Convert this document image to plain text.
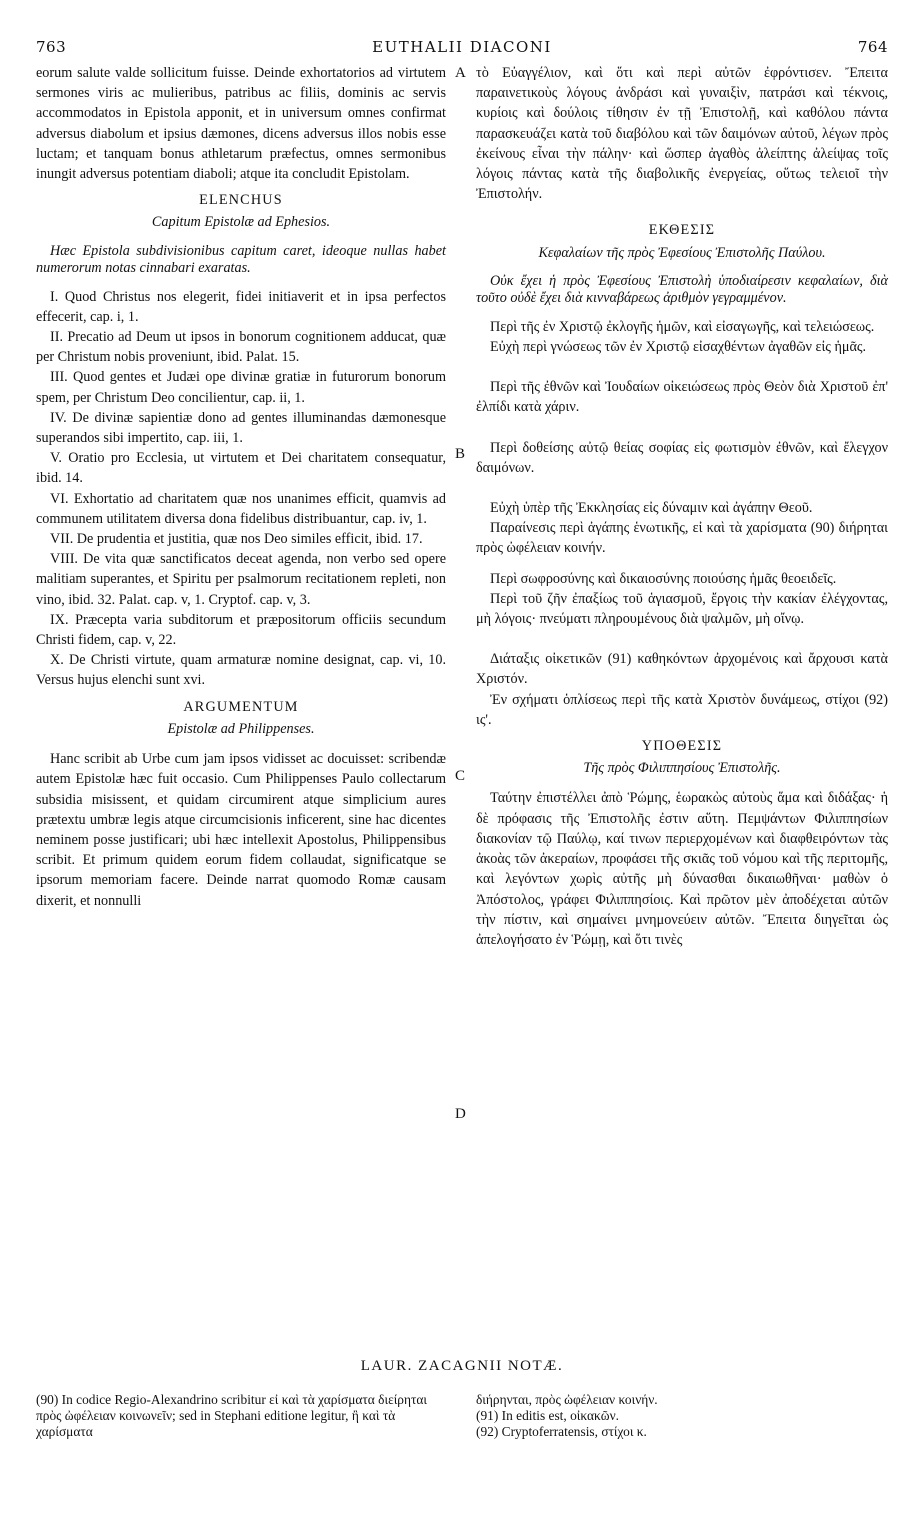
763	EUTHALII DIACONI	764
A
B
C
D

eorum salute valde sollicitum fuisse. Deinde exhortatorios ad virtutem sermones viris ac mulieribus, patribus ac filiis, dominis ac servis accommodatos in Epistola apponit, et in universum omnes confirmat adversus diabolum et ipsius dæmones, dicens adversus illos nobis esse luctam; et tanquam bonus athletarum præfectus, omnes sermonibus inungit adversus potentiam diaboli; atque ita concludit Epistolam.

ELENCHUS

Capitum Epistolæ ad Ephesios.

Hæc Epistola subdivisionibus capitum caret, ideoque nullas habet numerorum notas cinnabari exaratas.

I. Quod Christus nos elegerit, fidei initiaverit et in ipsa perfectos effecerit, cap. i, 1.

II. Precatio ad Deum ut ipsos in bonorum cognitionem adducat, quæ per Christum nobis proveniunt, ibid. Palat. 15.

III. Quod gentes et Judæi ope divinæ gratiæ in futurorum bonorum spem, per Christum Deo concilientur, cap. ii, 1.

IV. De divinæ sapientiæ dono ad gentes illuminandas dæmonesque superandos sibi impertito, cap. iii, 1.

V. Oratio pro Ecclesia, ut virtutem et Dei charitatem consequatur, ibid. 14.

VI. Exhortatio ad charitatem quæ nos unanimes efficit, quamvis ad communem utilitatem diversa dona fidelibus distribuantur, cap. iv, 1.

VII. De prudentia et justitia, quæ nos Deo similes efficit, ibid. 17.

VIII. De vita quæ sanctificatos deceat agenda, non verbo sed opere malitiam superantes, et Spiritu per psalmorum recitationem repleti, non vino, ibid. 32. Palat. cap. v, 1. Cryptof. cap. v, 3.

IX. Præcepta varia subditorum et præpositorum officiis secundum Christi fidem, cap. v, 22.

X. De Christi virtute, quam armaturæ nomine designat, cap. vi, 10. Versus hujus elenchi sunt xvi.

ARGUMENTUM

Epistolæ ad Philippenses.

Hanc scribit ab Urbe cum jam ipsos vidisset ac docuisset: scribendæ autem Epistolæ hæc fuit occasio. Cum Philippenses Paulo collectarum subsidia misissent, et quidam circumirent atque simplicium aures prætextu umbræ legis atque circumcisionis inficerent, sine hac dicentes neminem posse justificari; ubi hæc intellexit Apostolus, Philippensibus scribit. Et primum quidem eorum fidem collaudat, significatque se ipsorum memoriam facere. Deinde narrat quomodo Romæ causam dixerit, et nonnulli

τὸ Εὐαγγέλιον, καὶ ὅτι καὶ περὶ αὐτῶν ἐφρόντισεν. Ἔπειτα παραινετικοὺς λόγους ἀνδράσι καὶ γυναιξὶν, πατράσι καὶ τέκνοις, κυρίοις καὶ δούλοις τίθησιν ἐν τῇ Ἐπιστολῇ, καὶ καθόλου πάντα παρασκευάζει κατὰ τοῦ διαβόλου καὶ τῶν δαιμόνων αὐτοῦ, λέγων πρὸς ἐκείνους εἶναι τὴν πάλην· καὶ ὥσπερ ἀγαθὸς ἀλείπτης ἀλείψας τοῖς λόγοις πάντας κατὰ τῆς διαβολικῆς ἐνεργείας, οὕτως τελειοῖ τὴν Ἐπιστολήν.

ΕΚΘΕΣΙΣ

Κεφαλαίων τῆς πρὸς Ἐφεσίους Ἐπιστολῆς Παύλου.

Οὐκ ἔχει ἡ πρὸς Ἐφεσίους Ἐπιστολὴ ὑποδιαίρεσιν κεφαλαίων, διὰ τοῦτο οὐδὲ ἔχει διὰ κινναβάρεως ἀριθμὸν γεγραμμένον.

Περὶ τῆς ἐν Χριστῷ ἐκλογῆς ἡμῶν, καὶ εἰσαγωγῆς, καὶ τελειώσεως.

Εὐχὴ περὶ γνώσεως τῶν ἐν Χριστῷ εἰσαχθέντων ἀγαθῶν εἰς ἡμᾶς.

Περὶ τῆς ἐθνῶν καὶ Ἰουδαίων οἰκειώσεως πρὸς Θεὸν διὰ Χριστοῦ ἐπ' ἐλπίδι κατὰ χάριν.

Περὶ δοθείσης αὐτῷ θείας σοφίας εἰς φωτισμὸν ἐθνῶν, καὶ ἔλεγχον δαιμόνων.

Εὐχὴ ὑπὲρ τῆς Ἐκκλησίας εἰς δύναμιν καὶ ἀγάπην Θεοῦ.

Παραίνεσις περὶ ἀγάπης ἑνωτικῆς, εἰ καὶ τὰ χαρίσματα (90) διήρηται πρὸς ὠφέλειαν κοινήν.

Περὶ σωφροσύνης καὶ δικαιοσύνης ποιούσης ἡμᾶς θεοειδεῖς.

Περὶ τοῦ ζῆν ἐπαξίως τοῦ ἁγιασμοῦ, ἔργοις τὴν κακίαν ἐλέγχοντας, μὴ λόγοις· πνεύματι πληρουμένους διὰ ψαλμῶν, μὴ οἴνῳ.

Διάταξις οἰκετικῶν (91) καθηκόντων ἀρχομένοις καὶ ἄρχουσι κατὰ Χριστόν.

Ἐν σχήματι ὁπλίσεως περὶ τῆς κατὰ Χριστὸν δυνάμεως, στίχοι (92) ις'.

ΥΠΟΘΕΣΙΣ

Τῆς πρὸς Φιλιππησίους Ἐπιστολῆς.

Ταύτην ἐπιστέλλει ἀπὸ Ῥώμης, ἑωρακὼς αὐτοὺς ἅμα καὶ διδάξας· ἡ δὲ πρόφασις τῆς Ἐπιστολῆς ἐστιν αὕτη. Πεμψάντων Φιλιππησίων διακονίαν τῷ Παύλῳ, καί τινων περιερχομένων καὶ διαφθειρόντων τὰς ἀκοὰς τῶν ἀκεραίων, προφάσει τῆς σκιᾶς τοῦ νόμου καὶ τῆς περιτομῆς, καὶ λεγόντων χωρὶς αὐτῆς μὴ δύνασθαι δικαιωθῆναι· μαθὼν ὁ Ἀπόστολος, γράφει Φιλιππησίοις. Καὶ πρῶτον μὲν ἀποδέχεται αὐτῶν τὴν πίστιν, καὶ σημαίνει μνημονεύειν αὐτῶν. Ἔπειτα διηγεῖται ὡς ἀπελογήσατο ἐν Ῥώμῃ, καὶ ὅτι τινὲς

LAUR. ZACAGNII NOTÆ.

(90) In codice Regio-Alexandrino scribitur εἰ καὶ τὰ χαρίσματα διείρηται πρὸς ὠφέλειαν κοινωνεῖν; sed in Stephani editione legitur, ἢ καὶ τὰ χαρίσματα

διήρηνται, πρὸς ὠφέλειαν κοινήν.

(91) In editis est, οἰκακῶν.

(92) Cryptoferratensis, στίχοι κ.
